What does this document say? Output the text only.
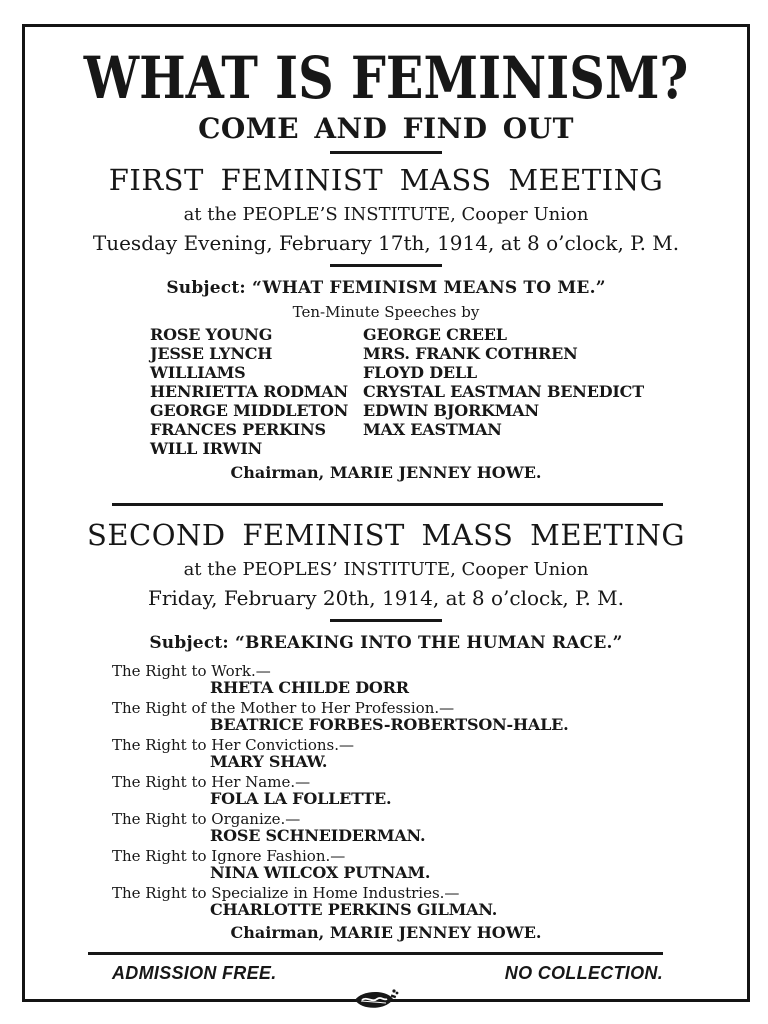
WHAT IS FEMINISM?
COME AND FIND OUT
FIRST FEMINIST MASS MEETING
at the PEOPLE’S INSTITUTE, Cooper Union
Tuesday Evening, February 17th, 1914, at 8 o’clock, P. M.
Subject: “WHAT FEMINISM MEANS TO ME.”
Ten-Minute Speeches by
ROSE YOUNG
JESSE LYNCH WILLIAMS
HENRIETTA RODMAN
GEORGE MIDDLETON
FRANCES PERKINS
WILL IRWIN
GEORGE CREEL
MRS. FRANK COTHREN
FLOYD DELL
CRYSTAL EASTMAN BENEDICT
EDWIN BJORKMAN
MAX EASTMAN
Chairman, MARIE JENNEY HOWE.
SECOND FEMINIST MASS MEETING
at the PEOPLES’ INSTITUTE, Cooper Union
Friday, February 20th, 1914, at 8 o’clock, P. M.
Subject: “BREAKING INTO THE HUMAN RACE.”
The Right to Work.—
RHETA CHILDE DORR
The Right of the Mother to Her Profession.—
BEATRICE FORBES-ROBERTSON-HALE.
The Right to Her Convictions.—
MARY SHAW.
The Right to Her Name.—
FOLA LA FOLLETTE.
The Right to Organize.—
ROSE SCHNEIDERMAN.
The Right to Ignore Fashion.—
NINA WILCOX PUTNAM.
The Right to Specialize in Home Industries.—
CHARLOTTE PERKINS GILMAN.
Chairman, MARIE JENNEY HOWE.
ADMISSION FREE.	NO COLLECTION.
